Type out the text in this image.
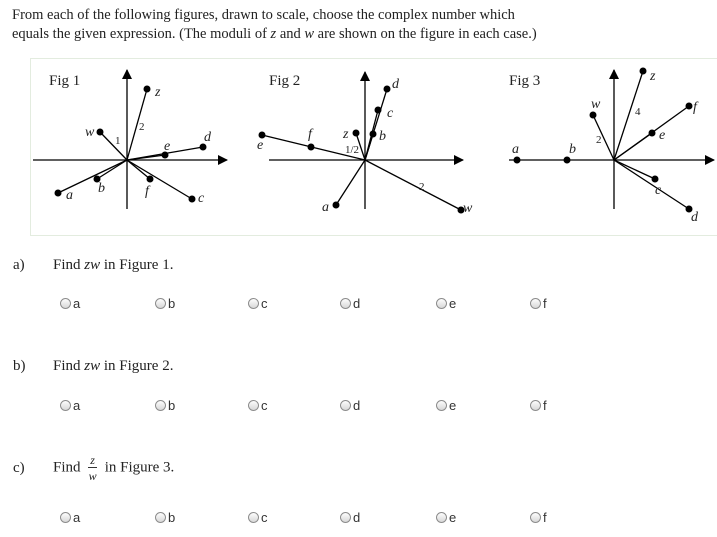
From each of the following figures, drawn to scale, choose the complex number which
equals the given expression. (The moduli of z and w are shown on the figure in each case.)
Fig 1
z
w
e
d
a b	f	c
1
2
Fig 2	d
c
b
z
e
f
a	w
1/2
2
Fig 3	z
w	f
e
a	b
c
d
2
4
a) Find zw in Figure 1.
a	b	c	d	e	f
b) Find zw in Figure 2.
a	b	c	d	e	f
c) Find $\frac{z}{w}$ in Figure 3.
a	b	c	d	e	f
